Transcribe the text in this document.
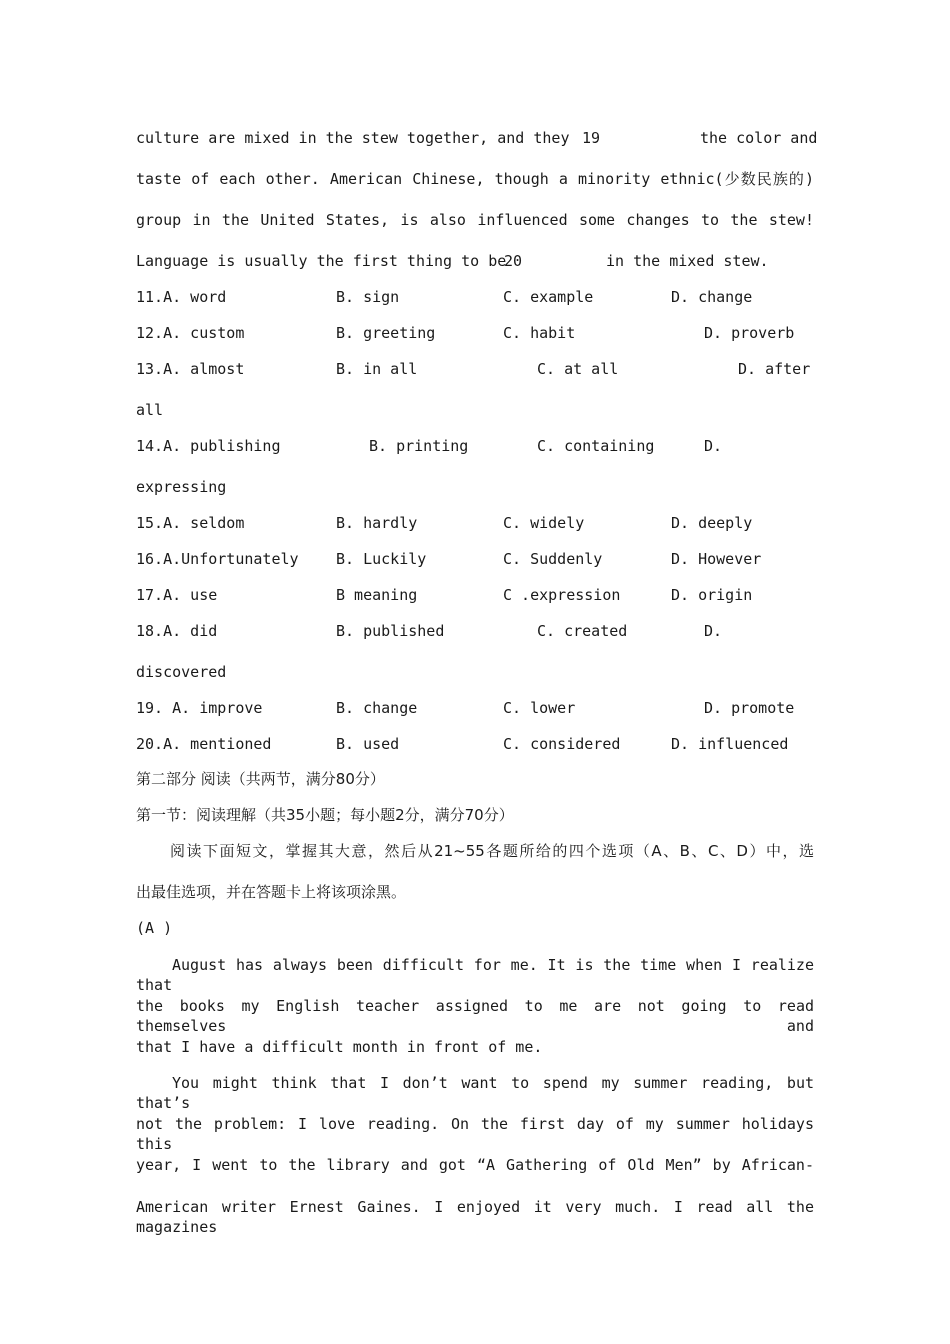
culture are mixed in the stew together, and they 19	the color and
taste of each other. American Chinese, though a minority ethnic(少数民族的)
group in the United States, is also influenced some changes to the stew!
Language is usually the first thing to be
20	in the mixed stew.
11.A. word	B. sign	C. example	D. change
12.A. custom	B. greeting	C. habit	D. proverb
13.A. almost	B. in all	C. at all	D. after
all
14.A. publishing	B. printing	C. containing	D.
expressing
15.A. seldom	B. hardly	C. widely	D. deeply
16.A.Unfortunately B. Luckily	C. Suddenly	D. However
17.A. use	B meaning	C .expression	D. origin
18.A. did	B. published	C. created	D.
discovered
19. A. improve	B. change	C. lower	D. promote
20.A. mentioned	B. used	C. considered	D. influenced
第二部分 阅读（共两节，满分80分）
第一节：阅读理解（共35小题；每小题2分，满分70分）
阅读下面短文，掌握其大意，然后从21~55各题所给的四个选项（A、B、C、D）中，选
出最佳选项，并在答题卡上将该项涂黑。
(A )
August has always been difficult for me. It is the time when I realize that
the books my English teacher assigned to me are not going to read themselves and
that I have a difficult month in front of me.
You might think that I don’t want to spend my summer reading, but that’s
not the problem: I love reading. On the first day of my summer holidays this
year, I went to the library and got “A Gathering of Old Men” by African-
American writer Ernest Gaines. I enjoyed it very much. I read all the magazines
